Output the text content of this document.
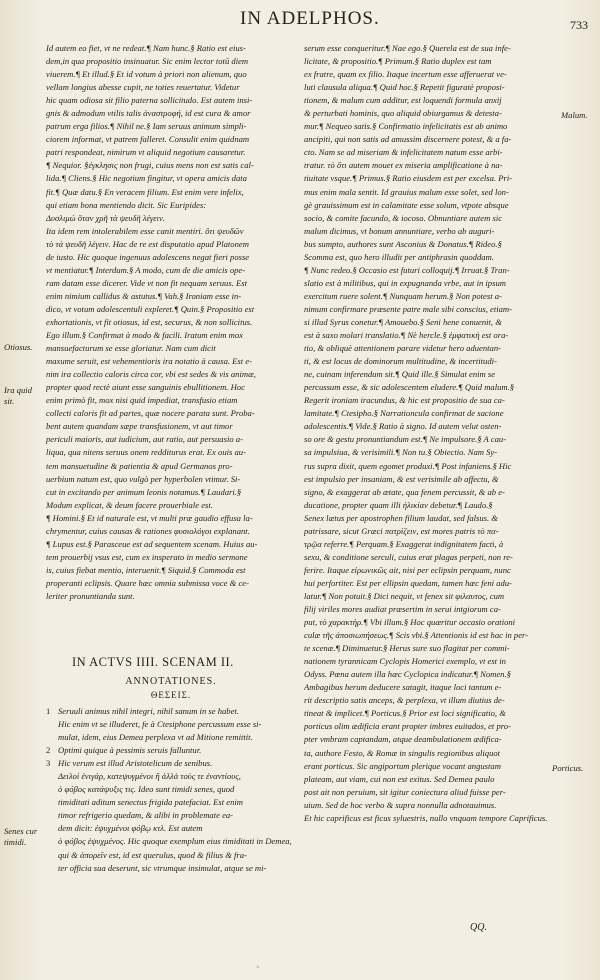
IN ADELPHOS.	733
Id autem eo fiet, vt ne redeat.¶ Nam hunc.§ Ratio est eius-
dem,in qua propositio insinuatur. Sic enim lector totū diem
viuerem.¶ Et illud.§ Et id votum à priori non alienum, quo
vellam longius abesse cupit, ne toties reuertatur. Videtur
hic quam odiosa sit filio paterna sollicitudo. Est autem insi-
gnis & admodum vtilis talis ἀναστροφή, id est cura & amor
patrum erga filios.¶ Nihil ne.§ Iam seruus animum simpli-
ciorem informat, vt patrem falleret. Consulit enim quidnam
patri respondeat, nimirum vt aliquid negotium causaretur.
¶ Nequior. §ἐγκλησις non frugi, cuius mens non est satis cal-
lida.¶ Cliens.§ Hic negotium fingitur, vt opera amicis data
fit.¶ Quæ datu.§ En veracem filium. Est enim vere infelix,
qui etiam bona mentiendo dicit. Sic Euripides:
Δυσλιμώ ὅταν χρῆ τὰ ψευδῆ λέγειν.
Ita idem rem intolerabilem esse canit mentiri. ὅτι ψευδῶν
τὸ τὰ ψευδῆ λέγειν. Hac de re est disputatio apud Platonem
de iusto. Hic quoque ingenuus adolescens negat fieri posse
vt mentiatur.¶ Interdum.§ A modo, cum de die amicis ope-
ram datam esse dicerer. Vide vt non fit nequam seruus. Est
enim nimium callidus & astutus.¶ Vah.§ Ironiam esse in-
dico, vt votum adolescentuli expleret.¶ Quin.§ Propositio est
exhortationis, vt fit otiosus, id est, securus, & non sollicitus.
Ego illum.§ Confirmat à modo & facili. Iratum enim mox
mansuefacturum se esse gloriatur. Nam cum dicit
maxume seruit, est vehementioris ira notatio à causa. Est e-
nim ira collectio caloris circa cor, vbi est sedes & vis animæ,
propter quod rectè aiunt esse sanguinis ebullitionem. Hoc
enim primò fit, mox nisi quid impediat, transfusio etiam
collecti caloris fit ad partes, quæ nocere parata sunt. Proba-
bent autem quandam sæpe transfusionem, vt aut timor
periculi maioris, aut iudicium, aut ratio, aut persuasio a-
liqua, qua nitens seruus onem redditurus erat. Ex ouis au-
tem mansuetudine & patientia & apud Germanos pro-
uerbium natum est, quo vulgò per hyperbolen vtimur. Si-
cut in excitando per animum leonis notamus.¶ Laudari.§
Modum explicat, & deum facere prouerbiale est.
¶ Homini.§ Et id naturale est, vt multi præ gaudio effusa la-
chrymentur, cuius causas & rationes φυσιολόγοι explanant.
¶ Lupus est.§ Parasceue est ad sequentem scenam. Huius au-
tem prouerbij vsus est, cum ex insperato in medio sermone
is, cuius fiebat mentio, interuenit.¶ Siquid.§ Commoda est
properanti eclipsis. Quare hæc omnia submissa voce & ce-
leriter pronuntianda sunt.
IN ACTVS IIII. SCENAM II.
ANNOTATIONES.
ΘΕΣΕΙΣ.
1 Seruuli animus nihil integri, nihil sanum in se habet.
Hic enim vt se illuderet, fe à Ctesiphone percussum esse si-
mulat, idem, eius Demea perplexa vt ad Mitione remittit.
2 Optimi quique à pessimis seruis falluntur.
3 Hic verum est illud Aristotelicum de senibus.
Δειλοὶ ἐνιγάρ, κατεψυγμένοι ἢ ἀλλὰ τοὺς τε ἐναντίους,
ὁ φόβος κατάψυξις τις. Ideo sunt timidi senes, quod
timiditati aditum senectus frigida patefaciat. Est enim
timor refrigerio quedam, & alibi in problemate ea-
dem dicit: ἐψυχμένοι φόβῳ κτλ. Est autem
ὁ φόβος ἐψυχμένος. Hic quoque exemplum eius timiditati in Demea,
qui & ἀπορεῖν est, id est querulus, quod & filius & fra-
ter officia sua deserunt, sic vtrumque insimulat, atque se mi-
serum esse conqueritur.¶ Nae ego.§ Querela est de sua infe-
licitate, & propositio.¶ Primum.§ Ratio duplex est tam
ex fratre, quam ex filio. Itaque incertum esse afferuerat ve-
luti clausula aliqua.¶ Quid hoc.§ Repetit figuratè proposi-
tionem, & malum cum additur, est loquendi formula anxij
& perturbati hominis, quo aliquid obiurgamus & detesta-
mur.¶ Nequeo satis.§ Confirmatio infelicitatis est ab animo
ancipiti, qui non satis ad amussim discernere potest, & a fa-
cto. Nam se ad miseriam & infelicitatem natum esse arbi-
tratur. τὸ ὅτι autem mouet ex miseria amplificatione à na-
tiuitate vsque.¶ Primus.§ Ratio eiusdem est per excelsa. Pri-
mus enim mala sentit. Id grauius malum esse solet, sed lon-
gè grauissimum est in calamitate esse solum, vtpote absque
socio, & comite facundo, & iocoso. Obnuntiare autem sic
malum dicimus, vt bonum annuntiare, verbo ab auguri-
bus sumpto, authores sunt Asconius & Donatus.¶ Rideo.§
Scomma est, quo hero illudit per antiphrasin quoddam.
¶ Nunc redeo.§ Occasio est futuri colloquij.¶ Irruat.§ Tran-
slatio est à militibus, qui in expugnanda vrbe, aut in ipsum
exercitum ruere solent.¶ Nunquam herum.§ Non potest a-
nimum confirmare præsente patre male sibi conscius, etiam-
si illud Syrus conetur.¶ Amouebo.§ Seni hene conuenit, &
est à saxo molari translatio.¶ Nè hercle.§ ἐμφατικὴ est ora-
tio, & obliquè attentionem parare videtur hero aduentan-
ti, & est locus de dominorum multitudine, & incertitudi-
ne, cuinam inferendum sit.¶ Quid ille.§ Simulat enim se
percussum esse, & sic adolescentem eludere.¶ Quid malum.§
Regerit ironiam iracundus, & hic est propositio de sua ca-
lamitate.¶ Ctesipho.§ Narrationcula confirmat de sacione
adolescentis.¶ Vide.§ Ratio à signo. Id autem velut osten-
so ore & gestu pronuntiandum est.¶ Ne impulsore.§ A cau-
sa impulsiua, & verisimili.¶ Non tu.§ Obiectio. Nam Sy-
rus supra dixit, quem egomet produxi.¶ Post infaniens.§ Hic
est impulsio per insaniam, & est verisimile ab affectu, &
signo, & exaggerat ab ætate, qua fenem percussit, & ab e-
ducatione, propter quam illi ἡλικίαν debetur.¶ Laudo.§
Senex lætus per apostrophen filium laudat, sed falsus. &
patrissare, sicut Græci πατρίζειν, est mores patris τὸ πα-
τρῷα referre.¶ Perquam.§ Exaggerat indignitatem facti, à
sexu, & conditione serculi, cuius erat plagas perpeti, non re-
ferire. Itaque εἰρωνικῶς ait, nisi per eclipsin perquam, nunc
hui perfortiter. Est per ellipsin quedam, tamen hæc feni adu-
latur.¶ Non potuit.§ Dici nequit, vt fenex sit φιλαυτος, cum
filij viriles mores audiat præsertim in serui intgiorum ca-
put, τὸ χαρακτὴρ.¶ Vbi illum.§ Hoc quæritur occasio orationi
culæ τῆς ἀποσιωπήσεως.¶ Scis vbi.§ Attentionis id est hac in per-
te scenæ.¶ Diminuetur.§ Herus sure suo flagitat per commi-
nationem tyrannicam Cyclopis Homerici exemplo, vt est in
Odyss. Pœna autem illa hæc Cyclopica indicatur.¶ Nomen.§
Ambagibus herum deducere satagit, itaque loci tantum e-
rit descriptio satis anceps, & perplexa, vt illum diutius de-
tineat & implicet.¶ Porticus.§ Prior est loci significatio, &
porticus olim ædificia erant propter imbres euitados, et pro-
pter vmbram captandam, atque deambulationem ædifica-
ta, authore Festo, & Romæ in singulis regionibus aliquot
erant porticus. Sic angiportum plerique vocant angustam
plateam, aut viam, cui non est exitus. Sed Demea paulo
post ait non peruium, sit igitur coniectura aliud fuisse per-
uium. Sed de hoc verbo & supra nonnulla adnotauimus.
Et hic caprificus est ficus syluestris, nullo vnquam tempore Caprificus.
Otiosus.
Ira quid sit.
Malum.
Porticus.
Senes cur timidi.
QQ.
◦
